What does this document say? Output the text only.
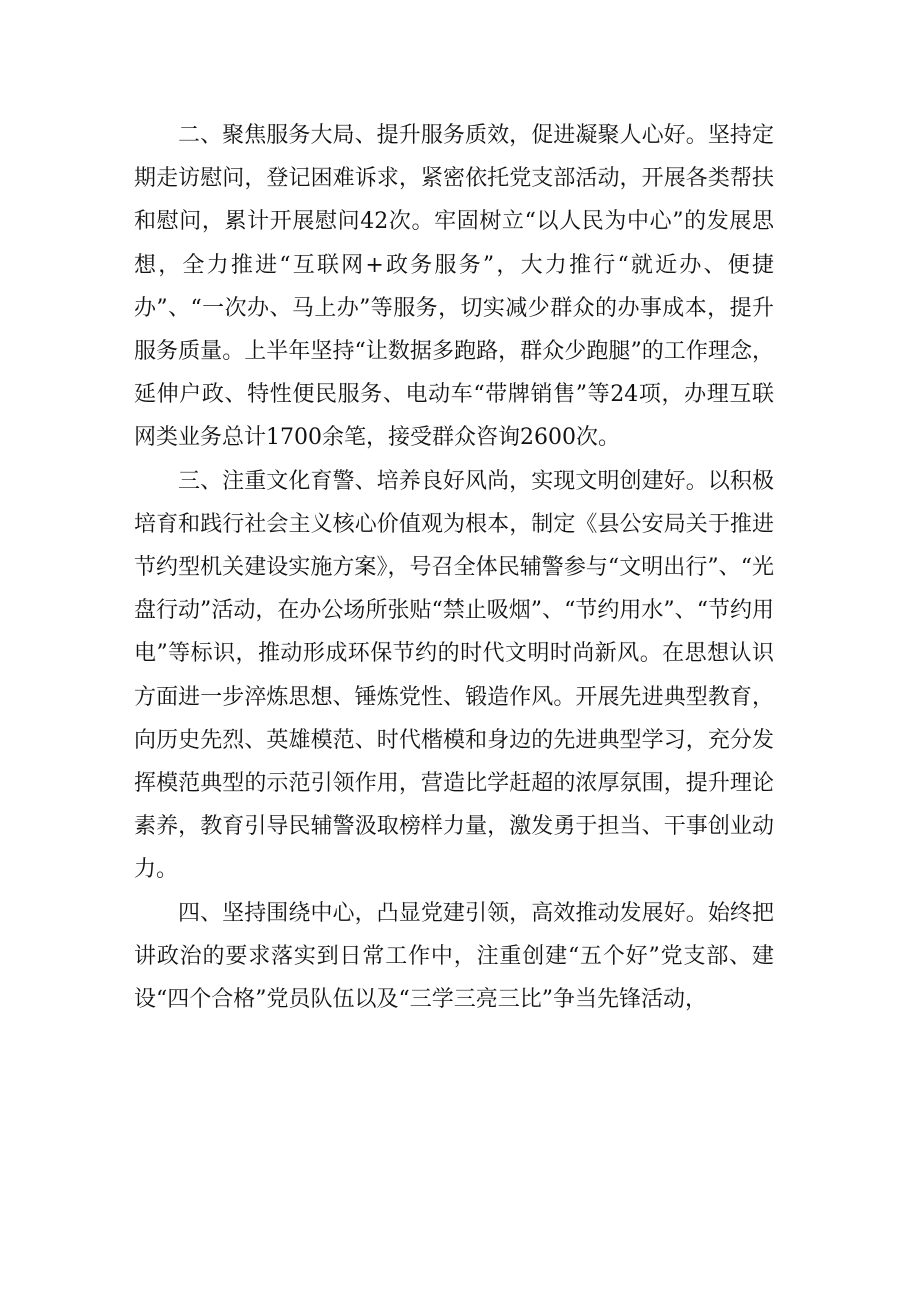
二、聚焦服务大局、提升服务质效，促进凝聚人心好。坚持定期走访慰问，登记困难诉求，紧密依托党支部活动，开展各类帮扶和慰问，累计开展慰问42次。牢固树立“以人民为中心”的发展思想，全力推进“互联网+政务服务”，大力推行“就近办、便捷办”、“一次办、马上办”等服务，切实减少群众的办事成本，提升服务质量。上半年坚持“让数据多跑路，群众少跑腿”的工作理念，延伸户政、特性便民服务、电动车“带牌销售”等24项，办理互联网类业务总计1700余笔，接受群众咨询2600次。

三、注重文化育警、培养良好风尚，实现文明创建好。以积极培育和践行社会主义核心价值观为根本，制定《县公安局关于推进节约型机关建设实施方案》，号召全体民辅警参与“文明出行”、“光盘行动”活动，在办公场所张贴“禁止吸烟”、“节约用水”、“节约用电”等标识，推动形成环保节约的时代文明时尚新风。在思想认识方面进一步淬炼思想、锤炼党性、锻造作风。开展先进典型教育，向历史先烈、英雄模范、时代楷模和身边的先进典型学习，充分发挥模范典型的示范引领作用，营造比学赶超的浓厚氛围，提升理论素养，教育引导民辅警汲取榜样力量，激发勇于担当、干事创业动力。

四、坚持围绕中心，凸显党建引领，高效推动发展好。始终把讲政治的要求落实到日常工作中，注重创建“五个好”党支部、建设“四个合格”党员队伍以及“三学三亮三比”争当先锋活动，
